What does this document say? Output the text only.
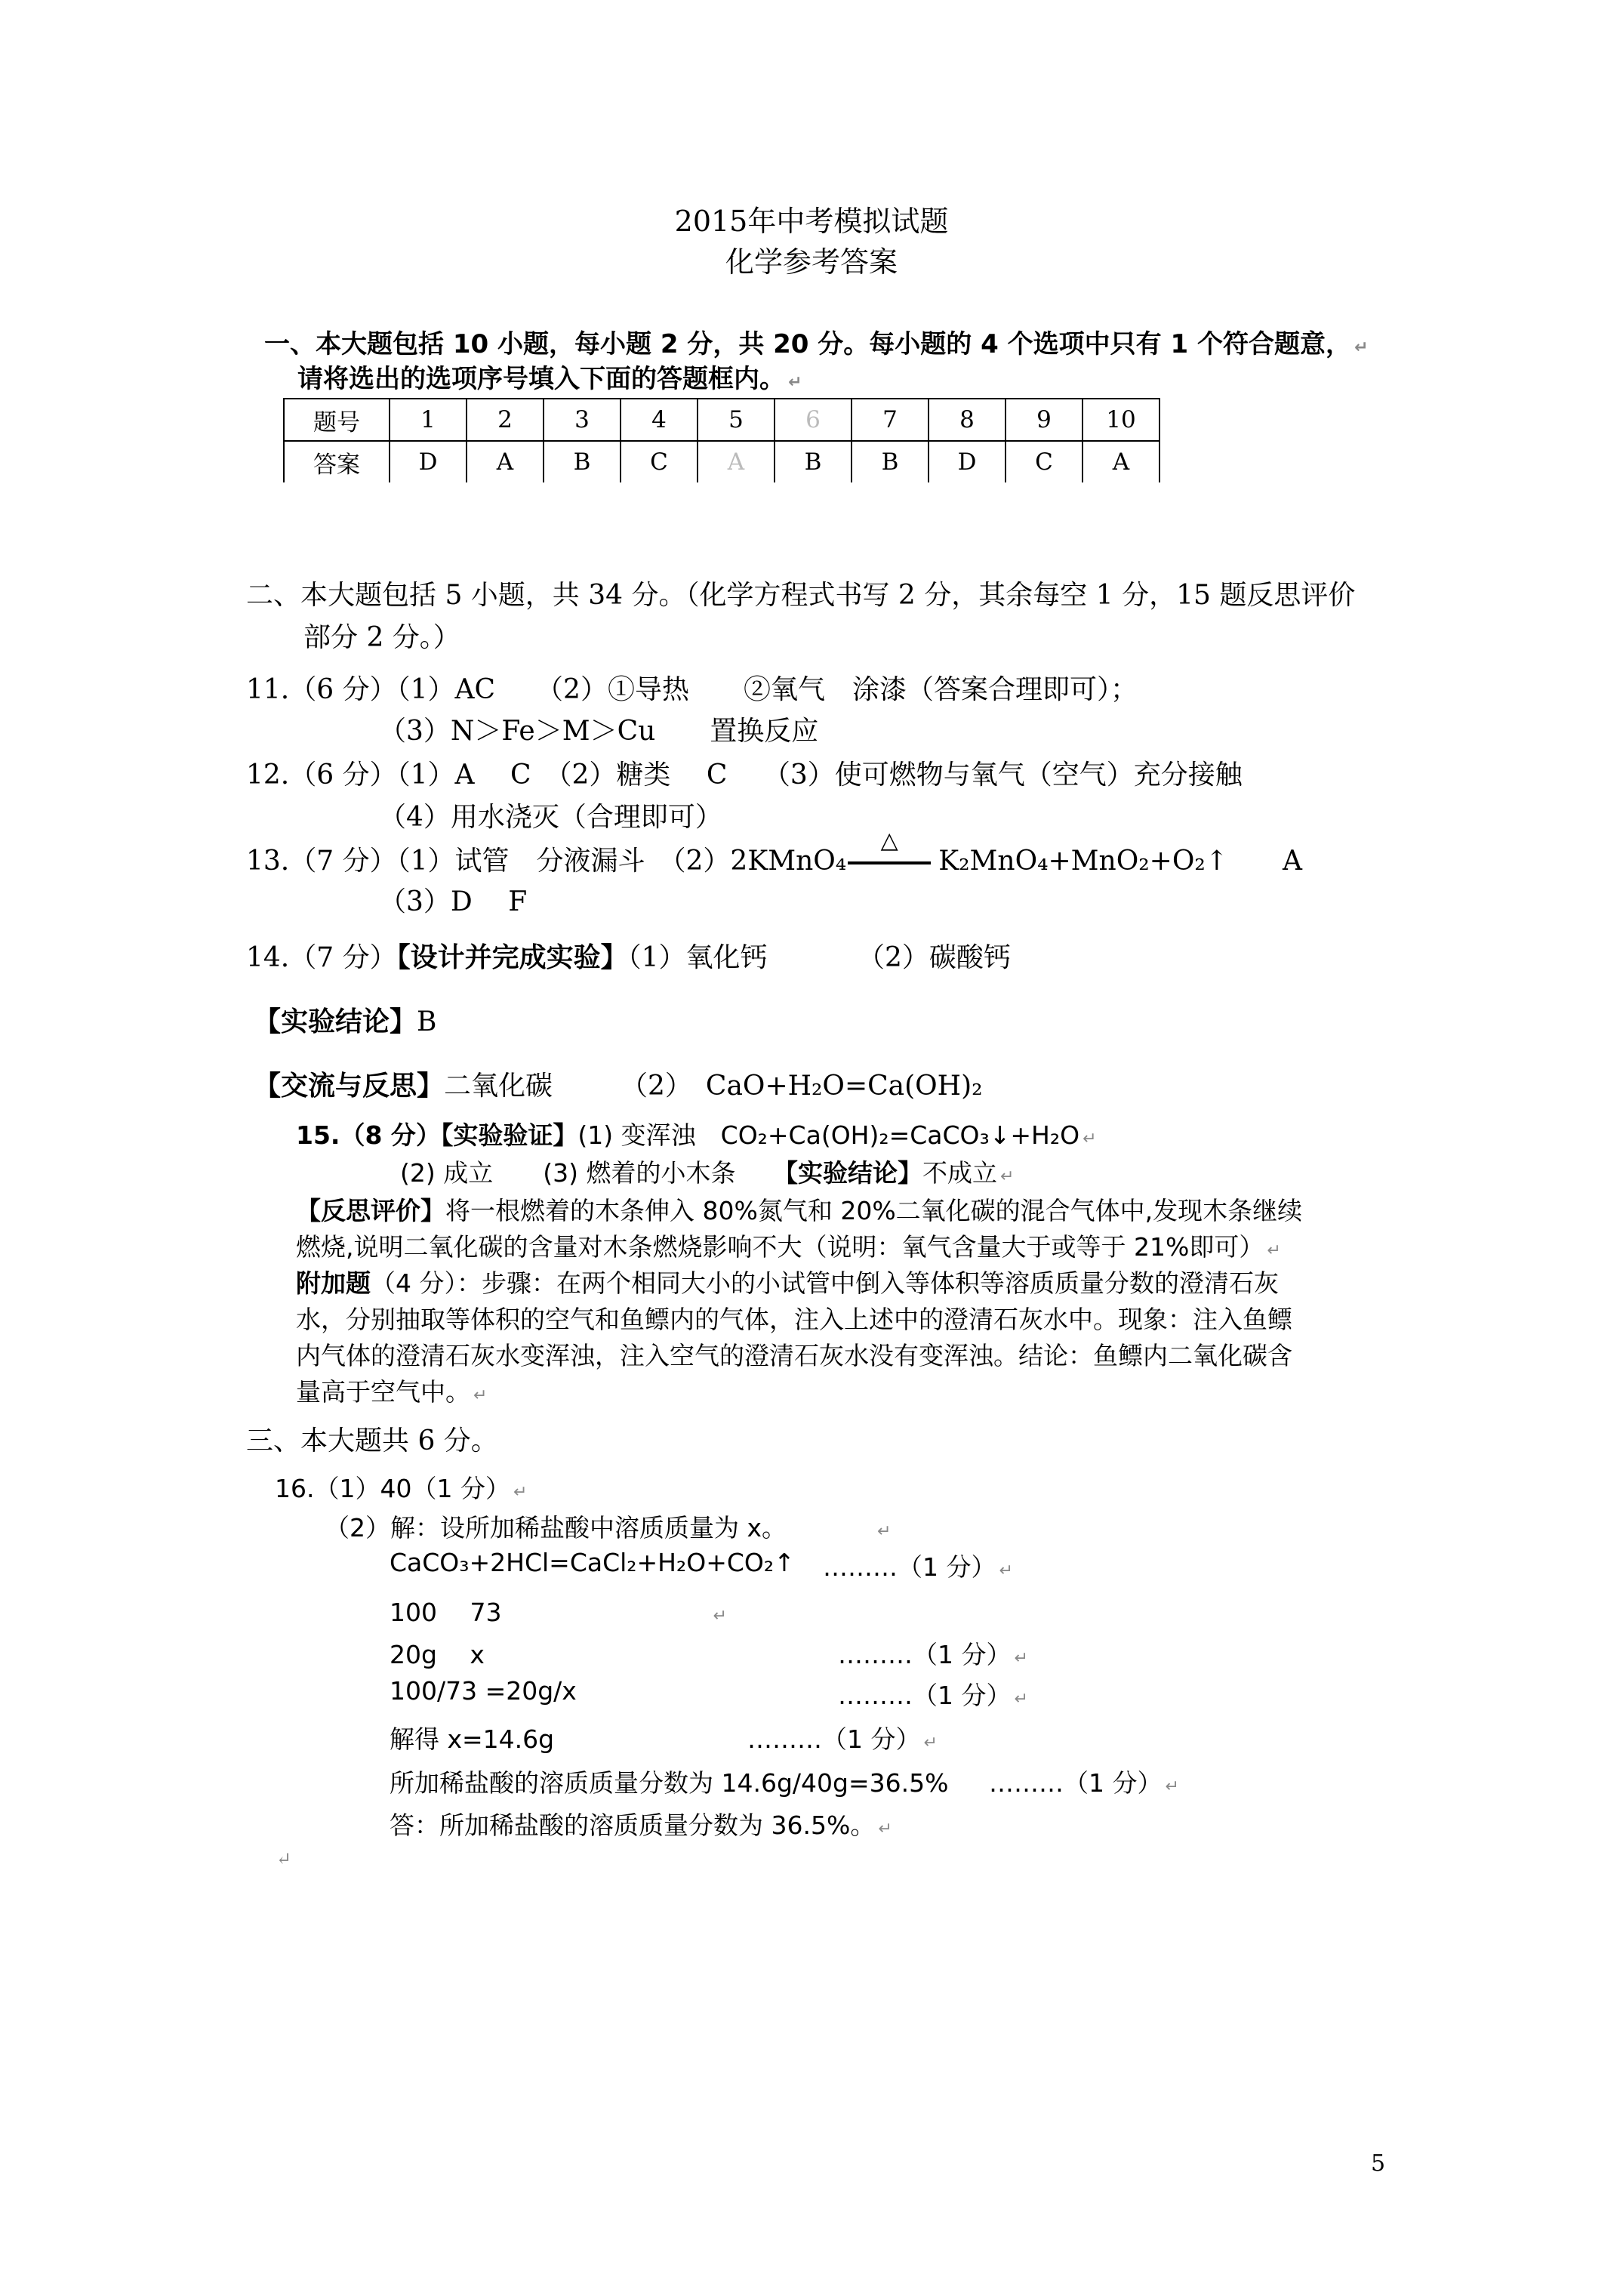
2015年中考模拟试题
化学参考答案
一、本大题包括 10 小题，每小题 2 分，共 20 分。每小题的 4 个选项中只有 1 个符合题意， ↵
请将选出的选项序号填入下面的答题框内。 ↵
题号	1	2	3	4	5	6	7	8	9	10
答案	D	A	B	C	A	B	B	D	C	A
二、本大题包括 5 小题，共 34 分。（化学方程式书写 2 分，其余每空 1 分，15 题反思评价
部分 2 分。）
11.（6 分）（1）AC　　（2）①导热　　②氧气　涂漆（答案合理即可）；
（3）N＞Fe＞M＞Cu　　置换反应
12.（6 分）（1）A　 C　（2）糖类　 C　 （3）使可燃物与氧气（空气）充分接触
（4）用水浇灭（合理即可）
13.（7 分）（1）试管　分液漏斗　（2）2KMnO₄
△
K₂MnO₄+MnO₂+O₂↑　　A
（3）D　 F
14.（7 分）【设计并完成实验】（1）氧化钙　　　 （2）碳酸钙
【实验结论】B
【交流与反思】二氧化碳　　　（2）　CaO+H₂O=Ca(OH)₂
15.（8 分）【实验验证】(1) 变浑浊　CO₂+Ca(OH)₂=CaCO₃↓+H₂O ↵
(2) 成立　　(3) 燃着的小木条　　【实验结论】不成立 ↵
【反思评价】将一根燃着的木条伸入 80%氮气和 20%二氧化碳的混合气体中,发现木条继续
燃烧,说明二氧化碳的含量对木条燃烧影响不大（说明：氧气含量大于或等于 21%即可） ↵
附加题（4 分）：步骤：在两个相同大小的小试管中倒入等体积等溶质质量分数的澄清石灰
水，分别抽取等体积的空气和鱼鳔内的气体，注入上述中的澄清石灰水中。现象：注入鱼鳔
内气体的澄清石灰水变浑浊，注入空气的澄清石灰水没有变浑浊。结论：鱼鳔内二氧化碳含
量高于空气中。 ↵
三、本大题共 6 分。
16.（1）40（1 分） ↵
（2）解：设所加稀盐酸中溶质质量为 x。	↵
CaCO₃+2HCl=CaCl₂+H₂O+CO₂↑ ………（1 分） ↵
100　 73	↵
20g　 x	………（1 分） ↵
100/73 =20g/x	………（1 分） ↵
解得 x=14.6g	………（1 分） ↵
所加稀盐酸的溶质质量分数为 14.6g/40g=36.5% ………（1 分） ↵
答：所加稀盐酸的溶质质量分数为 36.5%。 ↵
↵
5
